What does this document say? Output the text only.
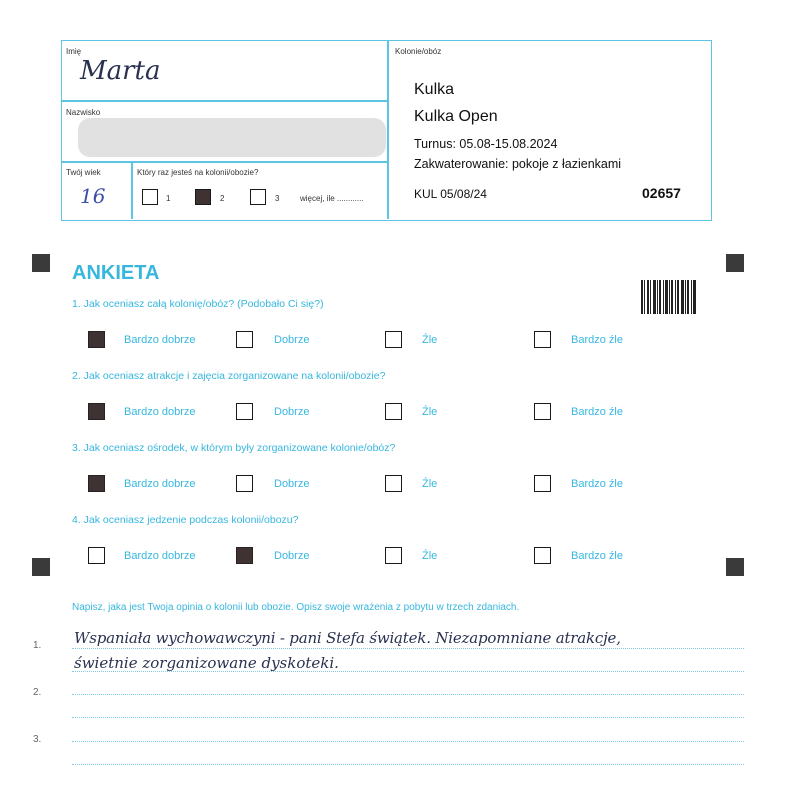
Imię
Marta
Nazwisko
Twój wiek
16
Który raz jesteś na kolonii/obozie?
1	2	3	więcej, ile ............
Kolonie/obóz
Kulka
Kulka Open
Turnus: 05.08-15.08.2024
Zakwaterowanie: pokoje z łazienkami
KUL 05/08/24	02657
ANKIETA
1. Jak oceniasz całą kolonię/obóz? (Podobało Ci się?)
Bardzo dobrze	Dobrze	Źle	Bardzo źle
2. Jak oceniasz atrakcje i zajęcia zorganizowane na kolonii/obozie?
Bardzo dobrze	Dobrze	Źle	Bardzo źle
3. Jak oceniasz ośrodek, w którym były zorganizowane kolonie/obóz?
Bardzo dobrze	Dobrze	Źle	Bardzo źle
4. Jak oceniasz jedzenie podczas kolonii/obozu?
Bardzo dobrze	Dobrze	Źle	Bardzo źle
Napisz, jaka jest Twoja opinia o kolonii lub obozie. Opisz swoje wrażenia z pobytu w trzech zdaniach.
1.
2.
3.
Wspaniała wychowawczyni - pani Stefa świątek. Niezapomniane atrakcje,
świetnie zorganizowane dyskoteki.
